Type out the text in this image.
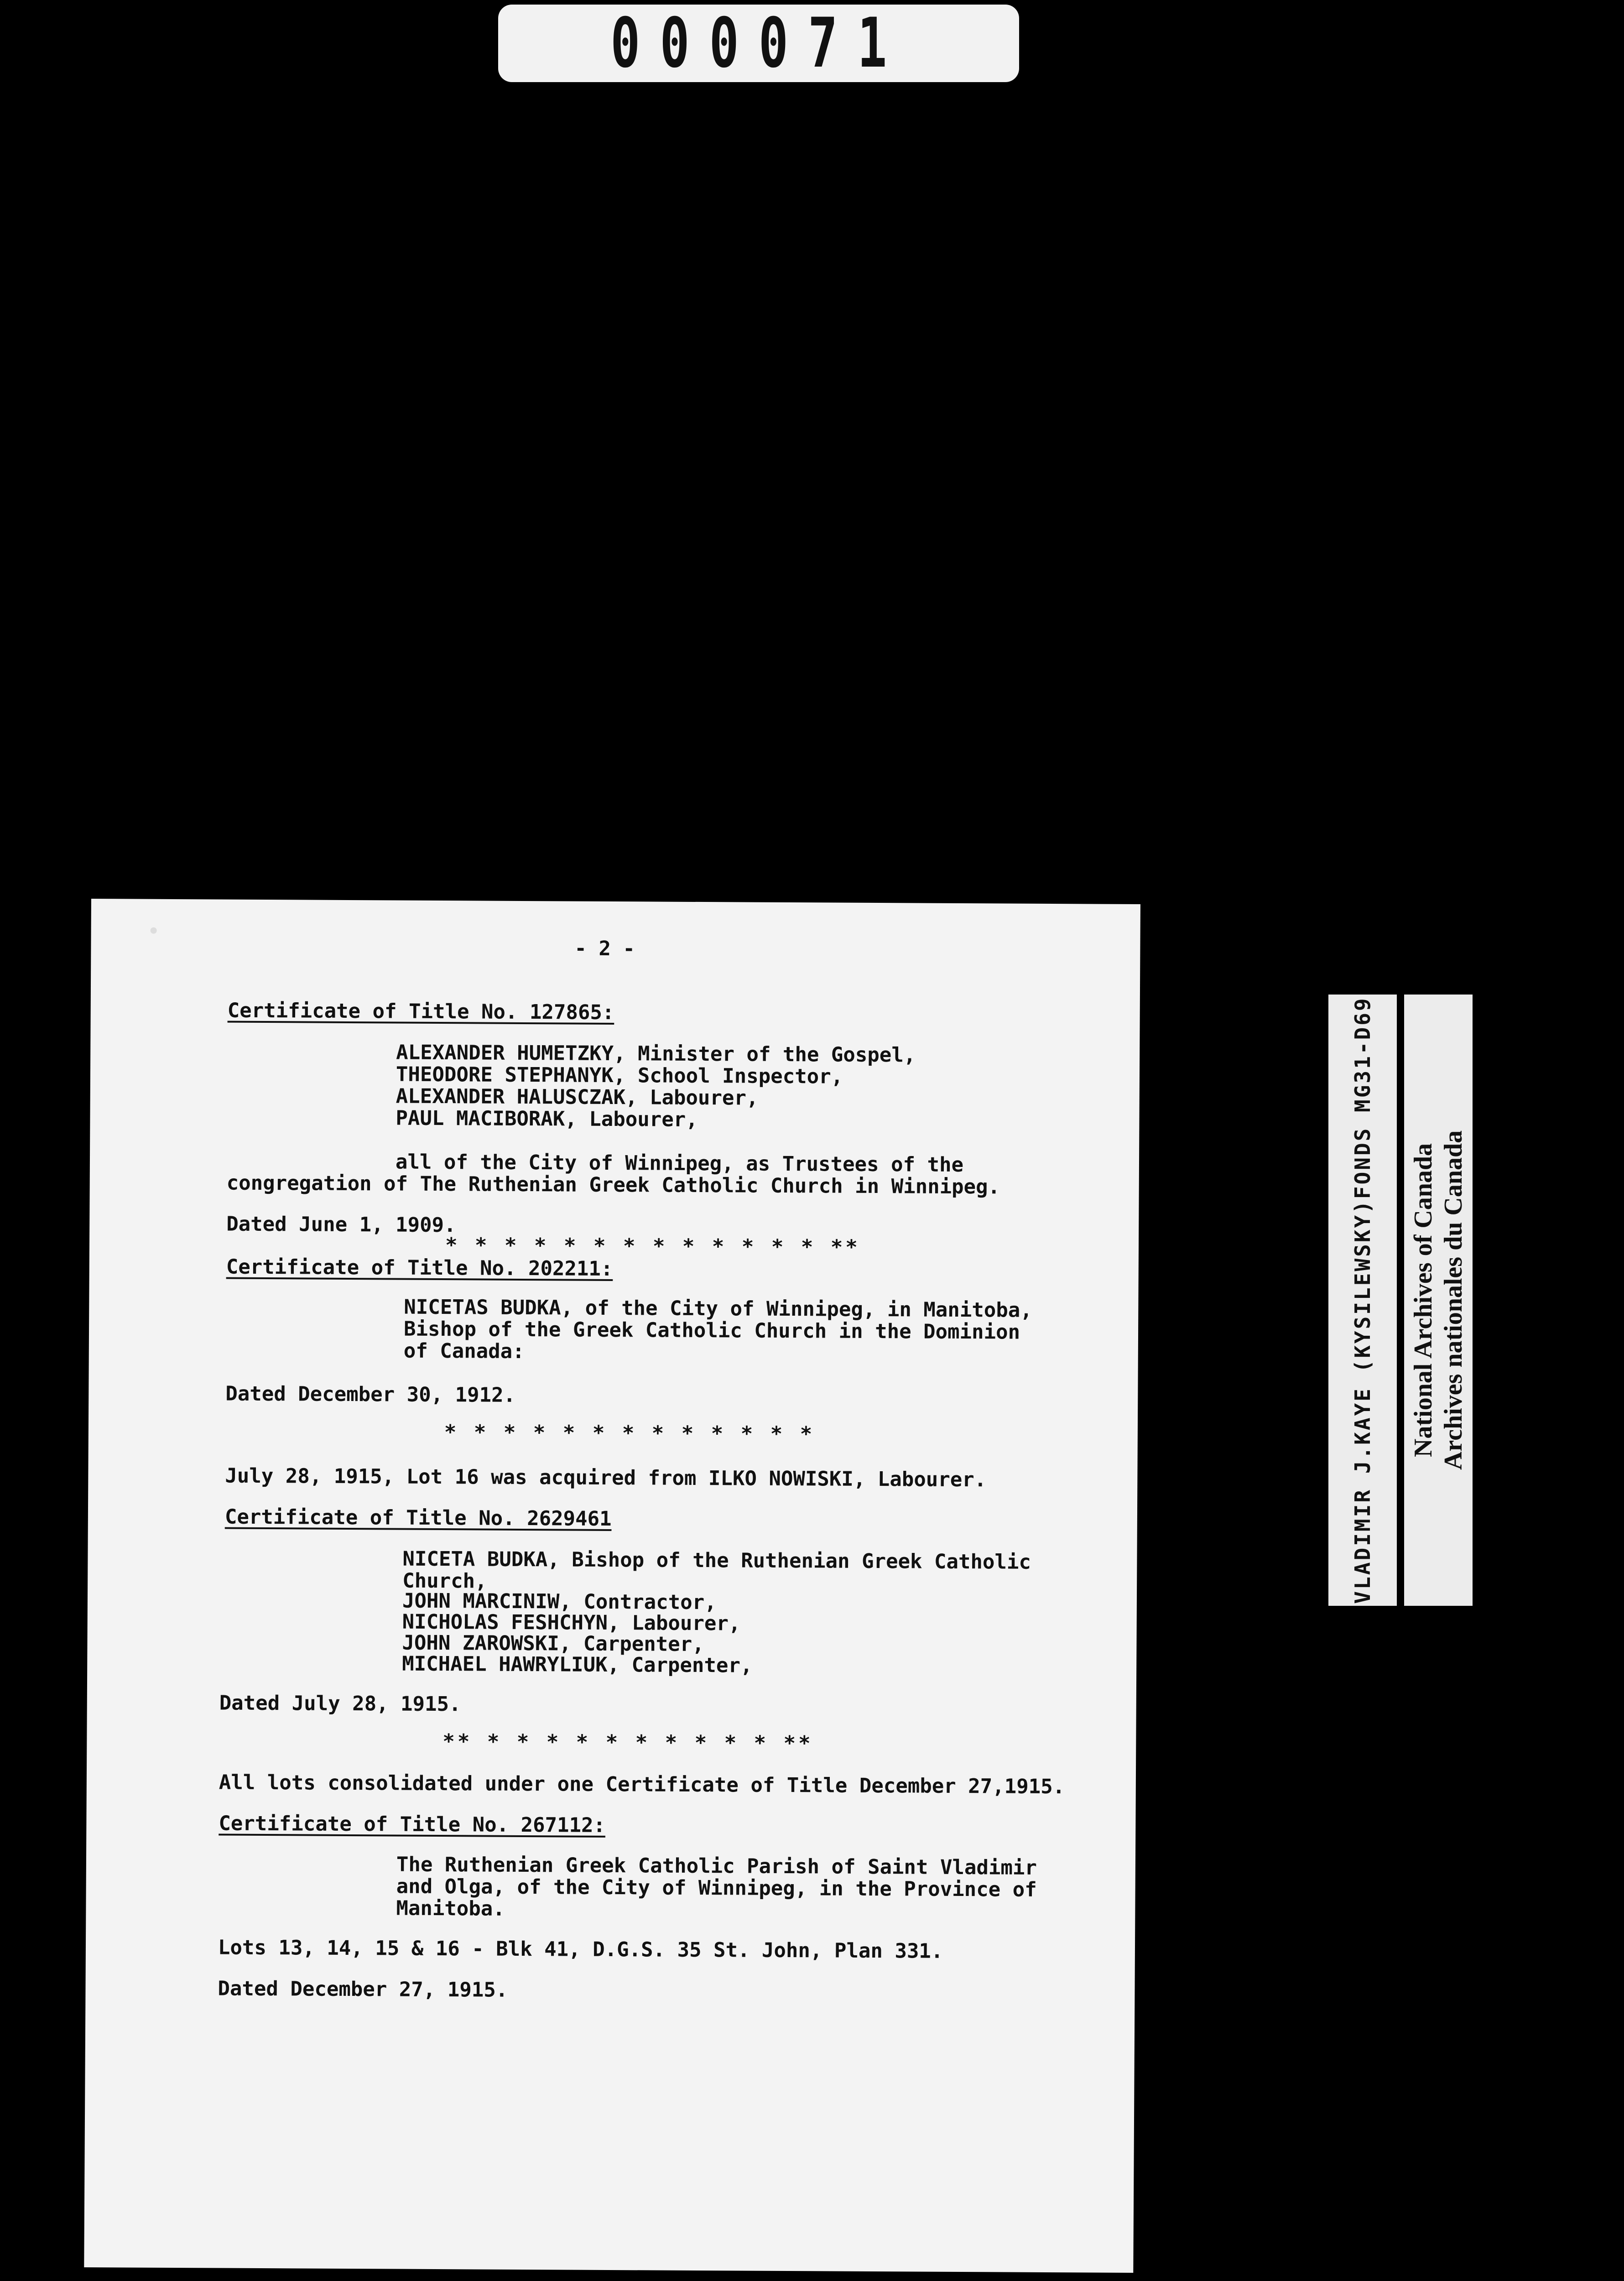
000071
- 2 -
Certificate of Title No. 127865:
ALEXANDER HUMETZKY, Minister of the Gospel,
THEODORE STEPHANYK, School Inspector,
ALEXANDER HALUSCZAK, Labourer,
PAUL MACIBORAK, Labourer,
all of the City of Winnipeg, as Trustees of the
congregation of The Ruthenian Greek Catholic Church in Winnipeg.
Dated June 1, 1909.
* * * * * * * * * * * * * **
Certificate of Title No. 202211:
NICETAS BUDKA, of the City of Winnipeg, in Manitoba,
Bishop of the Greek Catholic Church in the Dominion
of Canada:
Dated December 30, 1912.
* * * * * * * * * * * * *
July 28, 1915, Lot 16 was acquired from ILKO NOWISKI, Labourer.
Certificate of Title No. 2629461
NICETA BUDKA, Bishop of the Ruthenian Greek Catholic
Church,
JOHN MARCINIW, Contractor,
NICHOLAS FESHCHYN, Labourer,
JOHN ZAROWSKI, Carpenter,
MICHAEL HAWRYLIUK, Carpenter,
Dated July 28, 1915.
** * * * * * * * * * * **
All lots consolidated under one Certificate of Title December 27,1915.
Certificate of Title No. 267112:
The Ruthenian Greek Catholic Parish of Saint Vladimir
and Olga, of the City of Winnipeg, in the Province of
Manitoba.
Lots 13, 14, 15 & 16 - Blk 41, D.G.S. 35 St. John, Plan 331.
Dated December 27, 1915.
VLADIMIR J.KAYE (KYSILEWSKY)FONDS MG31-D69 National Archives of Canada Archives nationales du Canada
